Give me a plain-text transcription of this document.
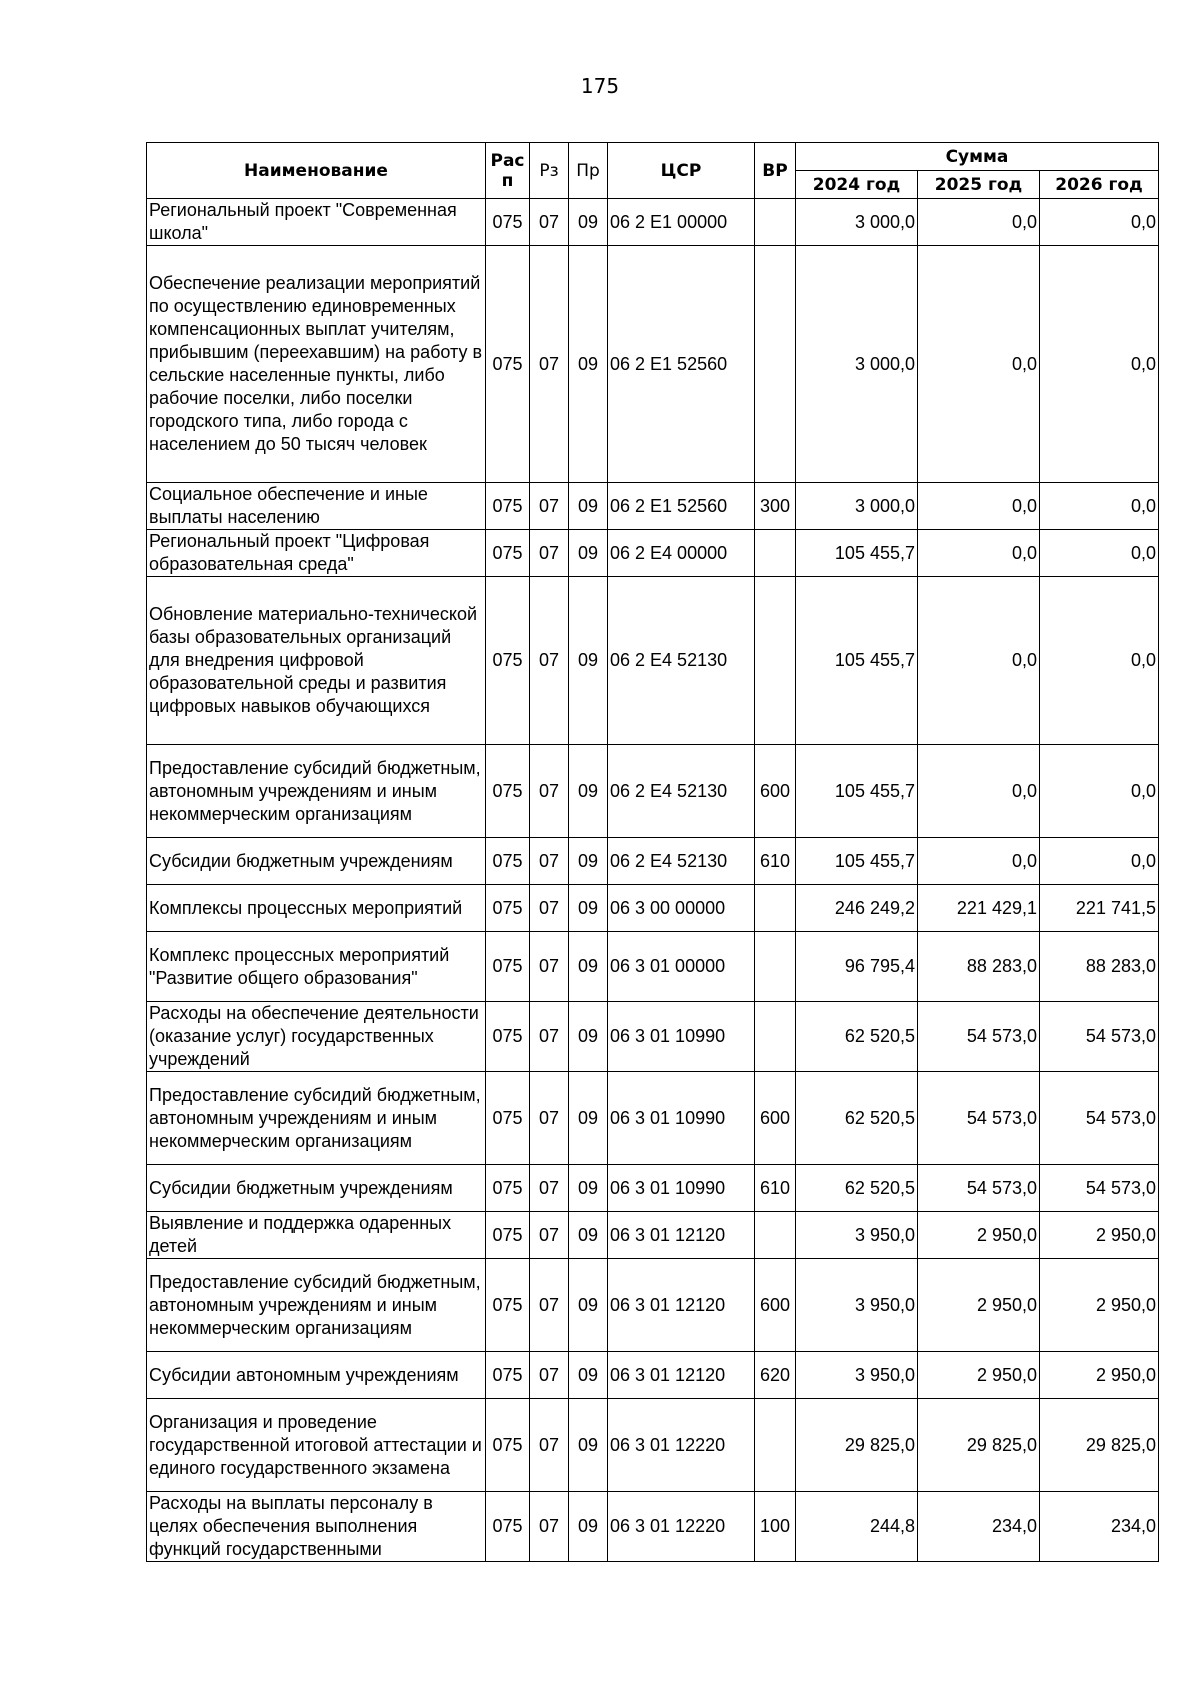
175
Наименование	Рас п	Рз	Пр	ЦСР	ВР	Сумма		
						2024 год	2025 год	2026 год
Региональный проект "Современная школа"	075	07	09	06 2 E1 00000		3 000,0	0,0	0,0
Обеспечение реализации мероприятий по осуществлению единовременных компенсационных выплат учителям, прибывшим (переехавшим) на работу в сельские населенные пункты, либо рабочие поселки, либо поселки городского типа, либо города с населением до 50 тысяч человек	075	07	09	06 2 E1 52560		3 000,0	0,0	0,0
Социальное обеспечение и иные выплаты населению	075	07	09	06 2 E1 52560	300	3 000,0	0,0	0,0
Региональный проект "Цифровая образовательная среда"	075	07	09	06 2 E4 00000		105 455,7	0,0	0,0
Обновление материально-технической базы образовательных организаций для внедрения цифровой образовательной среды и развития цифровых навыков обучающихся	075	07	09	06 2 E4 52130		105 455,7	0,0	0,0
Предоставление субсидий бюджетным, автономным учреждениям и иным некоммерческим организациям	075	07	09	06 2 E4 52130	600	105 455,7	0,0	0,0
Субсидии бюджетным учреждениям	075	07	09	06 2 E4 52130	610	105 455,7	0,0	0,0
Комплексы процессных мероприятий	075	07	09	06 3 00 00000		246 249,2	221 429,1	221 741,5
Комплекс процессных мероприятий "Развитие общего образования"	075	07	09	06 3 01 00000		96 795,4	88 283,0	88 283,0
Расходы на обеспечение деятельности (оказание услуг) государственных учреждений	075	07	09	06 3 01 10990		62 520,5	54 573,0	54 573,0
Предоставление субсидий бюджетным, автономным учреждениям и иным некоммерческим организациям	075	07	09	06 3 01 10990	600	62 520,5	54 573,0	54 573,0
Субсидии бюджетным учреждениям	075	07	09	06 3 01 10990	610	62 520,5	54 573,0	54 573,0
Выявление и поддержка одаренных детей	075	07	09	06 3 01 12120		3 950,0	2 950,0	2 950,0
Предоставление субсидий бюджетным, автономным учреждениям и иным некоммерческим организациям	075	07	09	06 3 01 12120	600	3 950,0	2 950,0	2 950,0
Субсидии автономным учреждениям	075	07	09	06 3 01 12120	620	3 950,0	2 950,0	2 950,0
Организация и проведение государственной итоговой аттестации и единого государственного экзамена	075	07	09	06 3 01 12220		29 825,0	29 825,0	29 825,0
Расходы на выплаты персоналу в целях обеспечения выполнения функций государственными	075	07	09	06 3 01 12220	100	244,8	234,0	234,0
